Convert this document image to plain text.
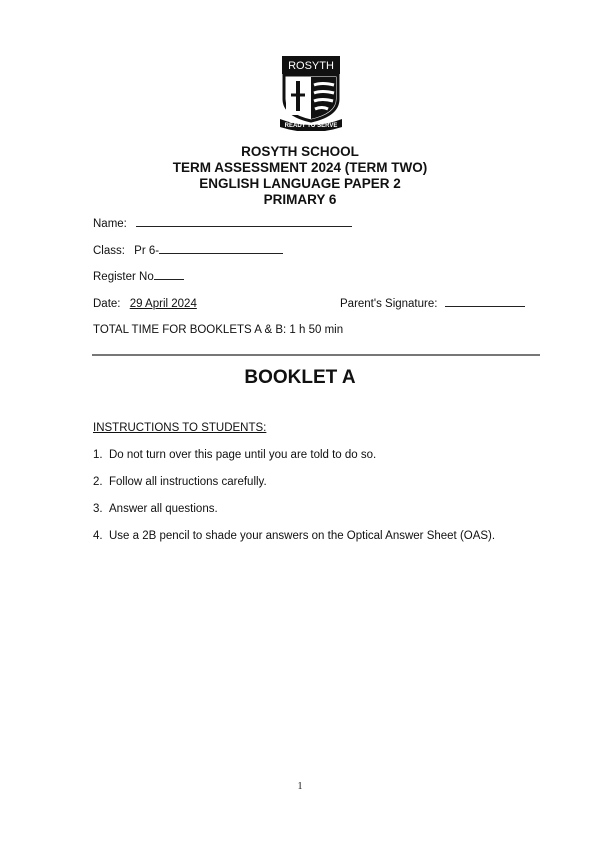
ROSYTH
READY TO SERVE
ROSYTH SCHOOL
TERM ASSESSMENT 2024 (TERM TWO)
ENGLISH LANGUAGE PAPER 2
PRIMARY 6
Name:
Class: Pr 6-
Register No
Date: 29 April 2024	Parent's Signature:
TOTAL TIME FOR BOOKLETS A & B: 1 h 50 min
BOOKLET A
INSTRUCTIONS TO STUDENTS:
1. Do not turn over this page until you are told to do so.
2. Follow all instructions carefully.
3. Answer all questions.
4. Use a 2B pencil to shade your answers on the Optical Answer Sheet (OAS).
1
